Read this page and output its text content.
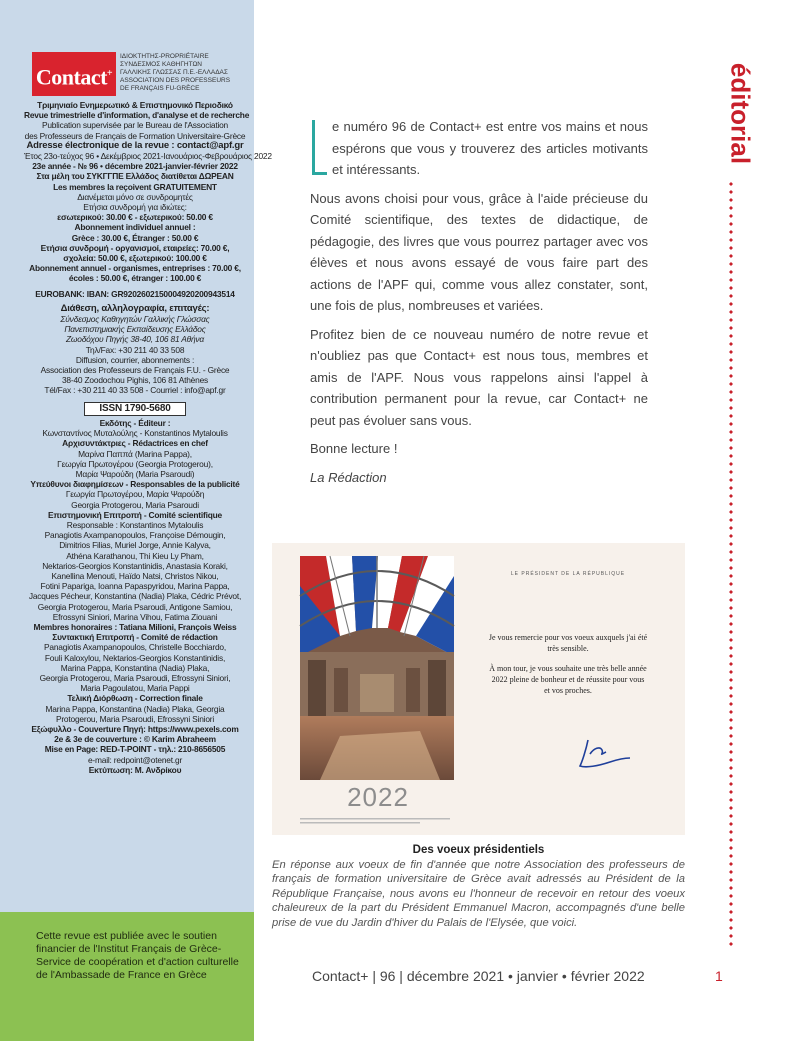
Contact+
ΙΔΙΟΚΤΗΤΗΣ-PROPRIÉTAIRE
ΣΥΝΔΕΣΜΟΣ ΚΑΘΗΓΗΤΩΝ
ΓΑΛΛΙΚΗΣ ΓΛΩΣΣΑΣ Π.Ε.-ΕΛΛΑΔΑΣ
ASSOCIATION DES PROFESSEURS
DE FRANÇAIS FU-GRÈCE
Τριμηνιαίο Ενημερωτικό & Επιστημονικό Περιοδικό
Revue trimestrielle d'information, d'analyse et de recherche
Publication supervisée par le Bureau de l'Association
des Professeurs de Français de Formation Universitaire-Grèce
Adresse électronique de la revue : contact@apf.gr
Έτος 23ο-τεύχος 96 • Δεκέμβριος 2021-Ιανουάριος-Φεβρουάριος 2022
23e année - № 96 • décembre 2021-janvier-février 2022
Στα μέλη του ΣΥΚΓΓΠΕ Ελλάδος διατίθεται ΔΩΡΕΑΝ
Les membres la reçoivent GRATUITEMENT
Διανέμεται μόνο σε συνδρομητές
Ετήσια συνδρομή για ιδιώτες:
εσωτερικού: 30.00 € - εξωτερικού: 50.00 €
Abonnement individuel annuel :
Grèce : 30.00 €, Étranger : 50.00 €
Ετήσια συνδρομή - οργανισμοί, εταιρείες: 70.00 €,
σχολεία: 50.00 €, εξωτερικού: 100.00 €
Abonnement annuel - organismes, entreprises : 70.00 €,
écoles : 50.00 €, étranger : 100.00 €
EUROBANK: IBAN: GR9202602150004920200943514
Διάθεση, αλληλογραφία, επιταγές:
Σύνδεσμος Καθηγητών Γαλλικής Γλώσσας
Πανεπιστημιακής Εκπαίδευσης Ελλάδος
Ζωοδόχου Πηγής 38-40, 106 81 Αθήνα
Τηλ/Fax: +30 211 40 33 508
Diffusion, courrier, abonnements :
Association des Professeurs de Français F.U. - Grèce
38-40 Zoodochou Pighis, 106 81 Athènes
Tél/Fax : +30 211 40 33 508 - Courriel : info@apf.gr
ISSN 1790-5680
Εκδότης - Éditeur :
Κωνσταντίνος Μυταλούλης - Konstantinos Mytaloulis
Αρχισυντάκτριες - Rédactrices en chef
Μαρίνα Παππά (Marina Pappa),
Γεωργία Πρωτογέρου (Georgia Protogerou),
Μαρία Ψαρούδη (Maria Psaroudi)
Υπεύθυνοι διαφημίσεων - Responsables de la publicité
Γεωργία Πρωτογέρου, Μαρία Ψαρούδη
Georgia Protogerou, Maria Psaroudi
Επιστημονική Επιτροπή - Comité scientifique
Responsable : Konstantinos Mytaloulis
Panagiotis Axampanopoulos, Françoise Démougin,
Dimitrios Filias, Muriel Jorge, Annie Kalyva,
Athéna Karathanou, Thi Kieu Ly Pham,
Nektarios-Georgios Konstantinidis, Anastasia Koraki,
Kanellina Menouti, Haïdo Natsi, Christos Nikou,
Fotini Papariga, Ioanna Papaspyridou, Marina Pappa,
Jacques Pécheur, Konstantina (Nadia) Plaka, Cédric Prévot,
Georgia Protogerou, Maria Psaroudi, Antigone Samiou,
Efrossyni Siniori, Marina Vihou, Fatima Ziouani
Membres honoraires : Tatiana Milioni, François Weiss
Συντακτική Επιτροπή - Comité de rédaction
Panagiotis Axampanopoulos, Christelle Bocchiardo,
Fouli Kaloxylou, Nektarios-Georgios Konstantinidis,
Marina Pappa, Konstantina (Nadia) Plaka,
Georgia Protogerou, Maria Psaroudi, Efrossyni Siniori,
Maria Pagoulatou, Maria Pappi
Τελική Διόρθωση - Correction finale
Marina Pappa, Konstantina (Nadia) Plaka, Georgia
Protogerou, Maria Psaroudi, Efrossyni Siniori
Εξώφυλλο - Couverture Πηγή: https://www.pexels.com
2e & 3e de couverture : © Karim Abraheem
Mise en Page: RED-T-POINT - τηλ.: 210-8656505
e-mail: redpoint@otenet.gr
Εκτύπωση: Μ. Ανδρίκου

Cette revue est publiée avec le soutien financier de l'Institut Français de Grèce-Service de coopération et d'action culturelle de l'Ambassade de France en Grèce

éditorial

e numéro 96 de Contact+ est entre vos mains et nous espérons que vous y trouverez des articles motivants et intéressants.

Nous avons choisi pour vous, grâce à l'aide précieuse du Comité scientifique, des textes de didactique, de pédagogie, des livres que vous pourrez partager avec vos élèves et nous avons essayé de vous faire part des actions de l'APF qui, comme vous allez constater, sont, une fois de plus, nombreuses et variées.

Profitez bien de ce nouveau numéro de notre revue et n'oubliez pas que Contact+ est nous tous, membres et amis de l'APF. Nous vous rappelons ainsi l'appel à contribution permanent pour la revue, car Contact+ ne peut pas évoluer sans vous.

Bonne lecture !

La Rédaction

2022
LE PRÉSIDENT DE LA RÉPUBLIQUE

Je vous remercie pour vos voeux auxquels j'ai été très sensible.

À mon tour, je vous souhaite une très belle année 2022 pleine de bonheur et de réussite pour vous et vos proches.

Des voeux présidentiels
En réponse aux voeux de fin d'année que notre Association des professeurs de français de formation universitaire de Grèce avait adressés au Président de la République Française, nous avons eu l'honneur de recevoir en retour des voeux chaleureux de la part du Président Emmanuel Macron, accompagnés d'une belle prise de vue du Jardin d'hiver du Palais de l'Elysée, que voici.
Contact+ | 96 | décembre 2021 • janvier • février 2022	1
